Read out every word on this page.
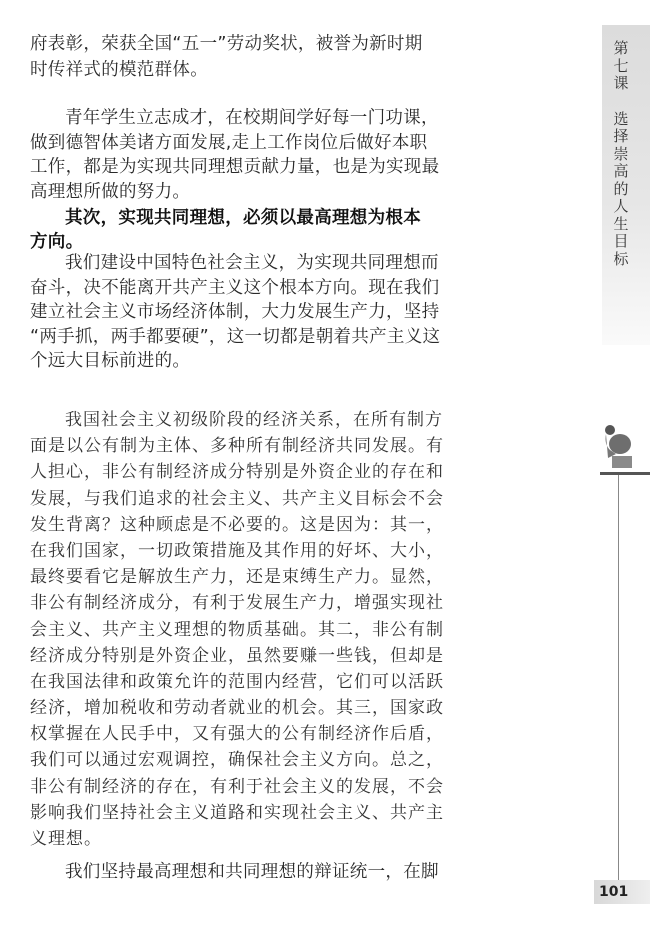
第七课
选择崇高的人生目标
101
府表彰，荣获全国“五一”劳动奖状，被誉为新时期
时传祥式的模范群体。
青年学生立志成才，在校期间学好每一门功课，
做到德智体美诸方面发展,走上工作岗位后做好本职
工作，都是为实现共同理想贡献力量，也是为实现最
高理想所做的努力。
其次，实现共同理想，必须以最高理想为根本
方向。
我们建设中国特色社会主义，为实现共同理想而
奋斗，决不能离开共产主义这个根本方向。现在我们
建立社会主义市场经济体制，大力发展生产力，坚持
“两手抓，两手都要硬”，这一切都是朝着共产主义这
个远大目标前进的。
我国社会主义初级阶段的经济关系，在所有制方
面是以公有制为主体、多种所有制经济共同发展。有
人担心，非公有制经济成分特别是外资企业的存在和
发展，与我们追求的社会主义、共产主义目标会不会
发生背离？这种顾虑是不必要的。这是因为：其一，
在我们国家，一切政策措施及其作用的好坏、大小，
最终要看它是解放生产力，还是束缚生产力。显然，
非公有制经济成分，有利于发展生产力，增强实现社
会主义、共产主义理想的物质基础。其二，非公有制
经济成分特别是外资企业，虽然要赚一些钱，但却是
在我国法律和政策允许的范围内经营，它们可以活跃
经济，增加税收和劳动者就业的机会。其三，国家政
权掌握在人民手中，又有强大的公有制经济作后盾，
我们可以通过宏观调控，确保社会主义方向。总之，
非公有制经济的存在，有利于社会主义的发展，不会
影响我们坚持社会主义道路和实现社会主义、共产主
义理想。
我们坚持最高理想和共同理想的辩证统一，在脚
